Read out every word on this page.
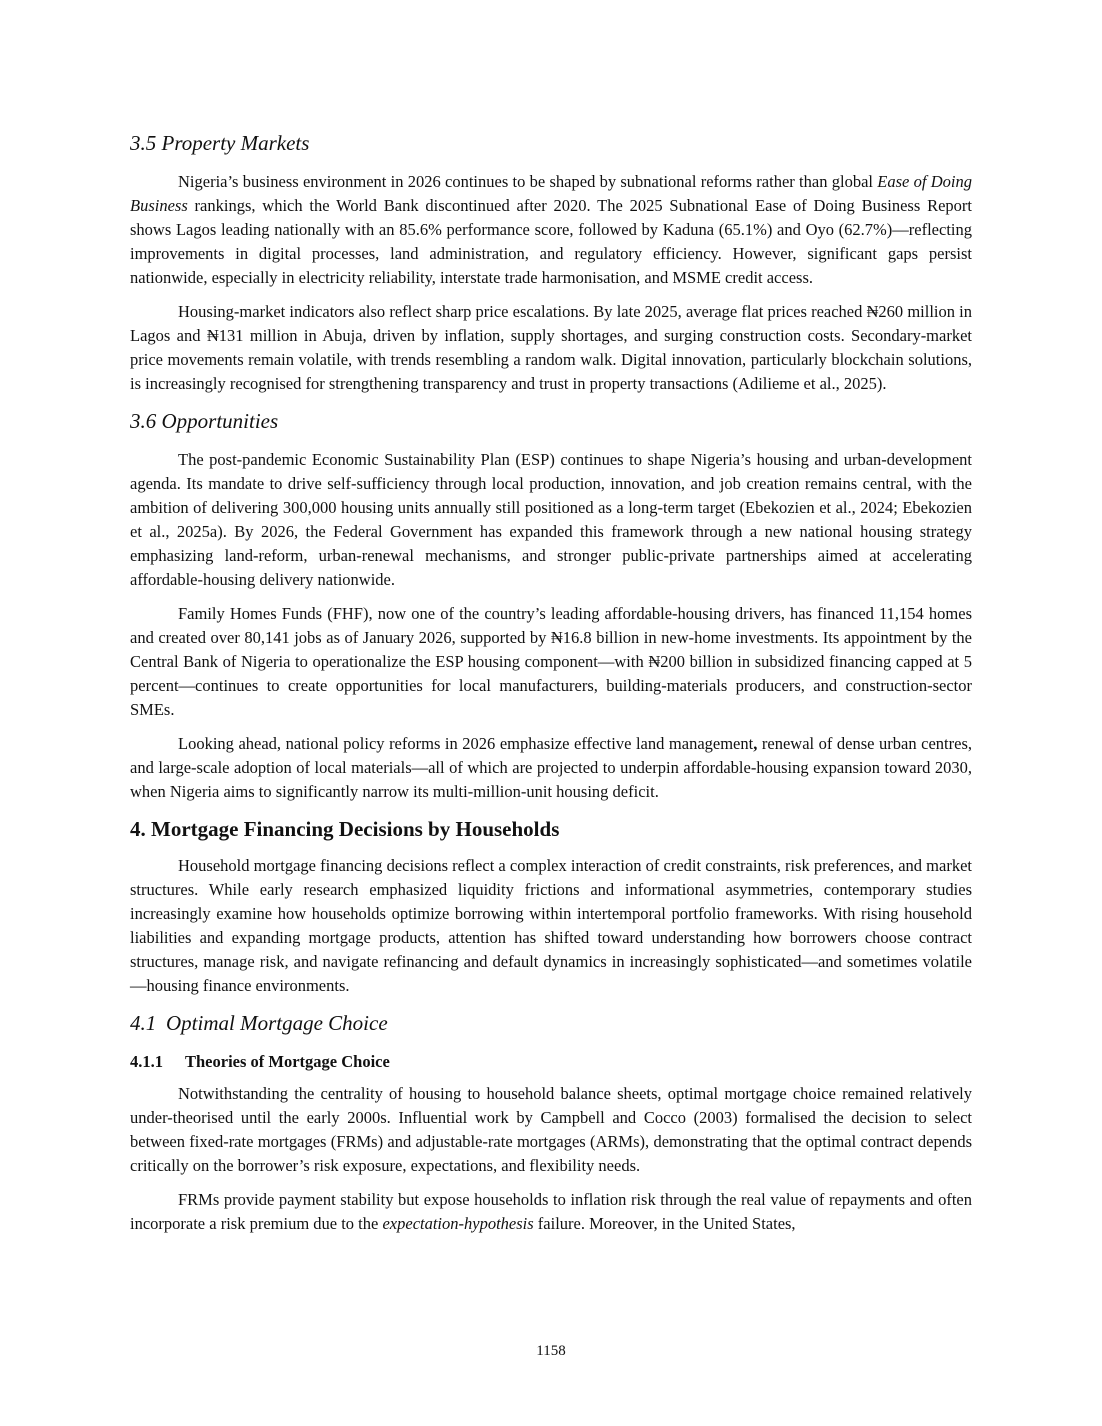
3.5 Property Markets

Nigeria’s business environment in 2026 continues to be shaped by subnational reforms rather than global Ease of Doing Business rankings, which the World Bank discontinued after 2020. The 2025 Subnational Ease of Doing Business Report shows Lagos leading nationally with an 85.6% performance score, followed by Kaduna (65.1%) and Oyo (62.7%)—reflecting improvements in digital processes, land administration, and regulatory efficiency. However, significant gaps persist nationwide, especially in electricity reliability, interstate trade harmonisation, and MSME credit access.

Housing-market indicators also reflect sharp price escalations. By late 2025, average flat prices reached ₦260 million in Lagos and ₦131 million in Abuja, driven by inflation, supply shortages, and surging construction costs. Secondary-market price movements remain volatile, with trends resembling a random walk. Digital innovation, particularly blockchain solutions, is increasingly recognised for strengthening transparency and trust in property transactions (Adilieme et al., 2025).

3.6 Opportunities

The post-pandemic Economic Sustainability Plan (ESP) continues to shape Nigeria’s housing and urban-development agenda. Its mandate to drive self-sufficiency through local production, innovation, and job creation remains central, with the ambition of delivering 300,000 housing units annually still positioned as a long-term target (Ebekozien et al., 2024; Ebekozien et al., 2025a). By 2026, the Federal Government has expanded this framework through a new national housing strategy emphasizing land-reform, urban-renewal mechanisms, and stronger public-private partnerships aimed at accelerating affordable-housing delivery nationwide.

Family Homes Funds (FHF), now one of the country’s leading affordable-housing drivers, has financed 11,154 homes and created over 80,141 jobs as of January 2026, supported by ₦16.8 billion in new-home investments. Its appointment by the Central Bank of Nigeria to operationalize the ESP housing component—with ₦200 billion in subsidized financing capped at 5 percent—continues to create opportunities for local manufacturers, building-materials producers, and construction-sector SMEs.

Looking ahead, national policy reforms in 2026 emphasize effective land management, renewal of dense urban centres, and large-scale adoption of local materials—all of which are projected to underpin affordable-housing expansion toward 2030, when Nigeria aims to significantly narrow its multi-million-unit housing deficit.

4. Mortgage Financing Decisions by Households

Household mortgage financing decisions reflect a complex interaction of credit constraints, risk preferences, and market structures. While early research emphasized liquidity frictions and informational asymmetries, contemporary studies increasingly examine how households optimize borrowing within intertemporal portfolio frameworks. With rising household liabilities and expanding mortgage products, attention has shifted toward understanding how borrowers choose contract structures, manage risk, and navigate refinancing and default dynamics in increasingly sophisticated—and sometimes volatile—housing finance environments.

4.1 Optimal Mortgage Choice
4.1.1 Theories of Mortgage Choice

Notwithstanding the centrality of housing to household balance sheets, optimal mortgage choice remained relatively under-theorised until the early 2000s. Influential work by Campbell and Cocco (2003) formalised the decision to select between fixed-rate mortgages (FRMs) and adjustable-rate mortgages (ARMs), demonstrating that the optimal contract depends critically on the borrower’s risk exposure, expectations, and flexibility needs.

FRMs provide payment stability but expose households to inflation risk through the real value of repayments and often incorporate a risk premium due to the expectation-hypothesis failure. Moreover, in the United States,

1158
